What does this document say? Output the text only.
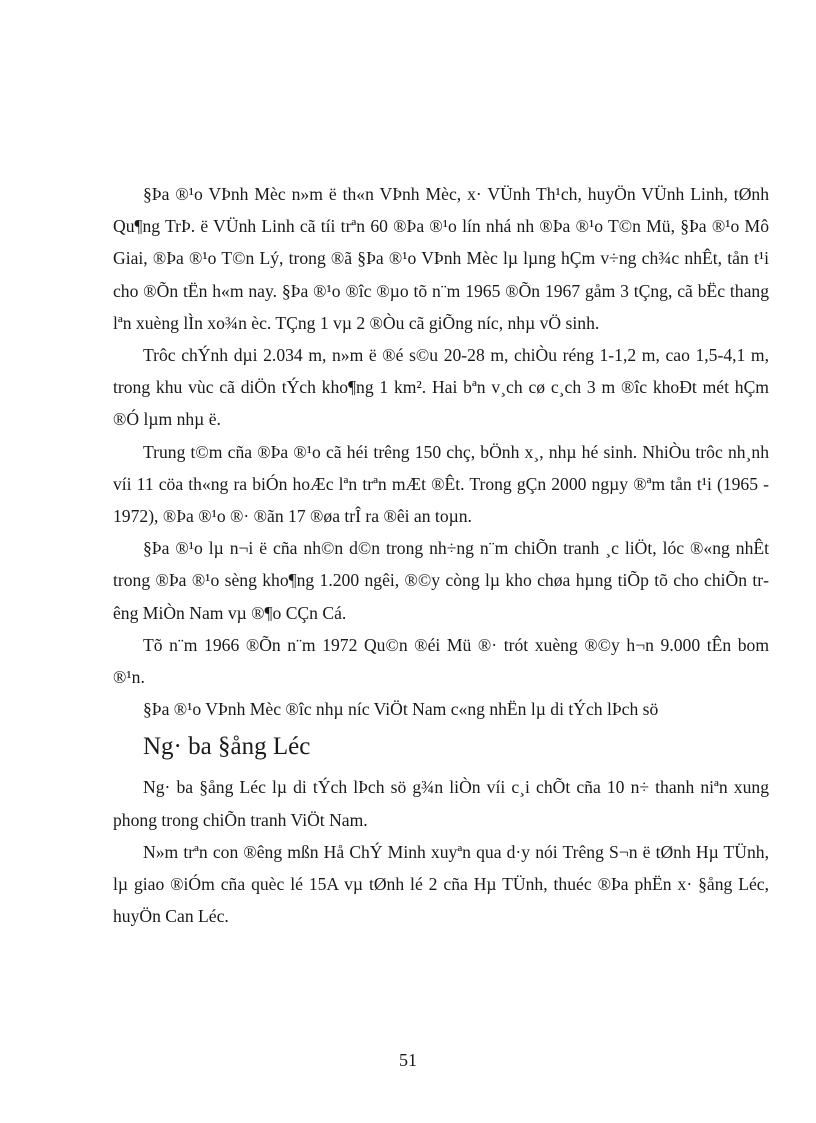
§Þa ®¹o VÞnh Mèc n»m ë th«n VÞnh Mèc, x· VÜnh Th¹ch, huyÖn VÜnh Linh, tØnh Qu¶ng TrÞ. ë VÜnh Linh cã tíi trªn 60 ®Þa ®¹o lín nhá nh ®Þa ®¹o T©n Mü, §Þa ®¹o Mô Giai, ®Þa ®¹o T©n Lý, trong ®ã §Þa ®¹o VÞnh Mèc lµ lµng hÇm v÷ng ch¾c nhÊt, tån t¹i cho ®Õn tËn h«m nay. §Þa ®¹o ®îc ®µo tõ n¨m 1965 ®Õn 1967 gåm 3 tÇng, cã bËc thang lªn xuèng lÌn xo¾n èc. TÇng 1 vµ 2 ®Òu cã giÕng níc, nhµ vÖ sinh.

Trôc chÝnh dµi 2.034 m, n»m ë ®é s©u 20-28 m, chiÒu réng 1-1,2 m, cao 1,5-4,1 m, trong khu vùc cã diÖn tÝch kho¶ng 1 km². Hai bªn v¸ch cø c¸ch 3 m ®îc khoÐt mét hÇm ®Ó lµm nhµ ë.

Trung t©m cña ®Þa ®¹o cã héi trêng 150 chç, bÖnh x¸, nhµ hé sinh. NhiÒu trôc nh¸nh víi 11 cöa th«ng ra biÓn hoÆc lªn trªn mÆt ®Êt. Trong gÇn 2000 ngµy ®ªm tån t¹i (1965 - 1972), ®Þa ®¹o ®· ®ãn 17 ®øa trÎ ra ®êi an toµn.

§Þa ®¹o lµ n¬i ë cña nh©n d©n trong nh÷ng n¨m chiÕn tranh ¸c liÖt, lóc ®«ng nhÊt trong ®Þa ®¹o sèng kho¶ng 1.200 ngêi, ®©y còng lµ kho chøa hµng tiÕp tõ cho chiÕn trêng MiÒn Nam vµ ®¶o CÇn Cá.

Tõ n¨m 1966 ®Õn n¨m 1972 Qu©n ®éi Mü ®· trót xuèng ®©y h¬n 9.000 tÊn bom ®¹n.

§Þa ®¹o VÞnh Mèc ®îc nhµ níc ViÖt Nam c«ng nhËn lµ di tÝch lÞch sö

Ng· ba §ång Léc

Ng· ba §ång Léc lµ di tÝch lÞch sö g¾n liÒn víi c¸i chÕt cña 10 n÷ thanh niªn xung phong trong chiÕn tranh ViÖt Nam.

N»m trªn con ®êng mßn Hå ChÝ Minh xuyªn qua d·y nói Trêng S¬n ë tØnh Hµ TÜnh, lµ giao ®iÓm cña quèc lé 15A vµ tØnh lé 2 cña Hµ TÜnh, thuéc ®Þa phËn x· §ång Léc, huyÖn Can Léc.

51
